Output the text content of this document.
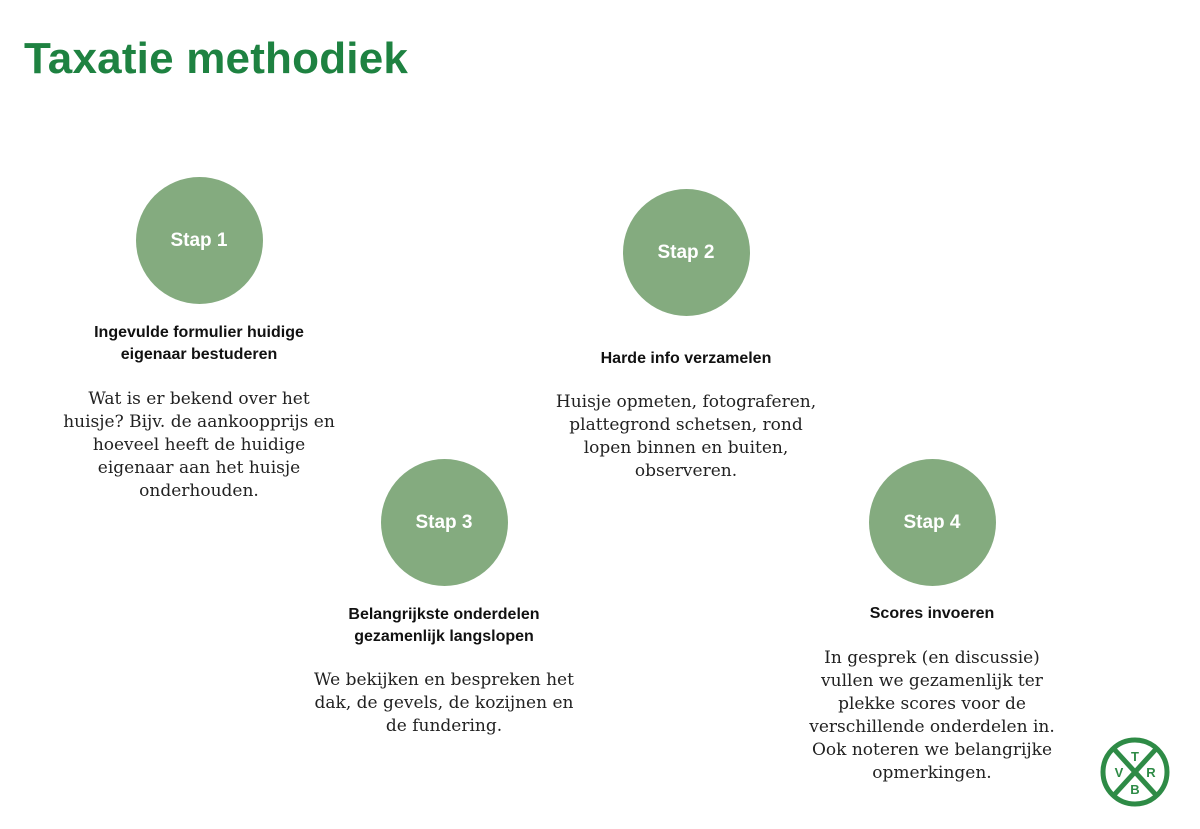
Taxatie methodiek
Stap 1
Ingevulde formulier huidige eigenaar bestuderen
Wat is er bekend over het huisje? Bijv. de aankoopprijs en hoeveel heeft de huidige eigenaar aan het huisje onderhouden.
Stap 2
Harde info verzamelen
Huisje opmeten, fotograferen, plattegrond schetsen, rond lopen binnen en buiten, observeren.
Stap 3
Belangrijkste onderdelen gezamenlijk langslopen
We bekijken en bespreken het dak, de gevels, de kozijnen en de fundering.
Stap 4
Scores invoeren
In gesprek (en discussie) vullen we gezamenlijk ter plekke scores voor de verschillende onderdelen in. Ook noteren we belangrijke opmerkingen.
T
V R
B
